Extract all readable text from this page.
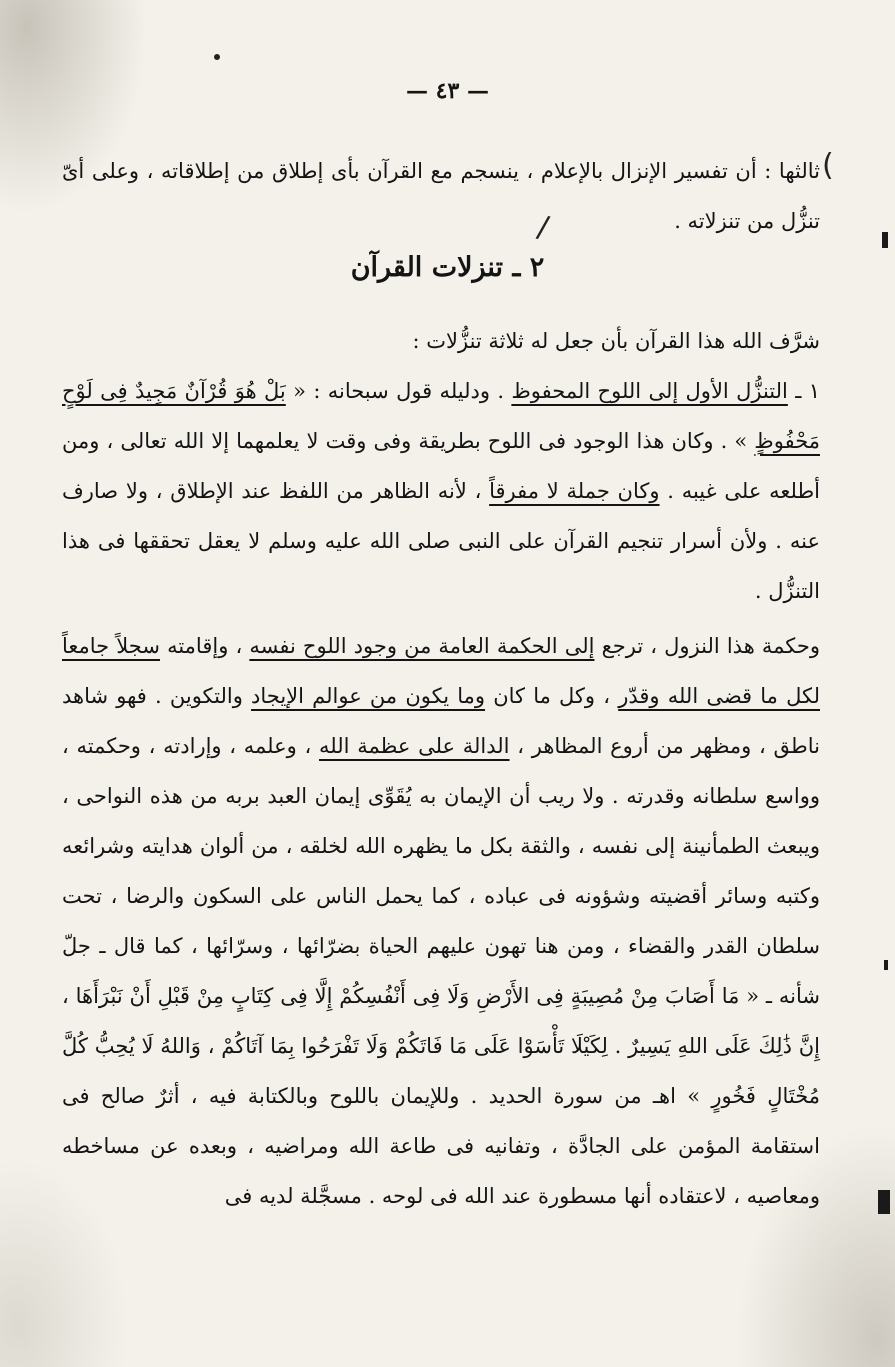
— ٤٣ —
(
/

ثالثها : أن تفسير الإنزال بالإعلام ، ينسجم مع القرآن بأى إطلاق من إطلاقاته ، وعلى أىّ تنزُّل من تنزلاته .

٢ ـ تنزلات القرآن

شرَّف الله هذا القرآن بأن جعل له ثلاثة تنزُّلات :

١ ـ التنزُّل الأول إلى اللوح المحفوظ . ودليله قول سبحانه : « بَلْ هُوَ قُرْآنٌ مَجِيدٌ فِى لَوْحٍ مَحْفُوظٍ » . وكان هذا الوجود فى اللوح بطريقة وفى وقت لا يعلمهما إلا الله تعالى ، ومن أطلعه على غيبه . وكان جملة لا مفرقاً ، لأنه الظاهر من اللفظ عند الإطلاق ، ولا صارف عنه . ولأن أسرار تنجيم القرآن على النبى صلى الله عليه وسلم لا يعقل تحققها فى هذا التنزُّل .

وحكمة هذا النزول ، ترجع إلى الحكمة العامة من وجود اللوح نفسه ، وإقامته سجلاً جامعاً لكل ما قضى الله وقدّر ، وكل ما كان وما يكون من عوالم الإيجاد والتكوين . فهو شاهد ناطق ، ومظهر من أروع المظاهر ، الدالة على عظمة الله ، وعلمه ، وإرادته ، وحكمته ، وواسع سلطانه وقدرته . ولا ريب أن الإيمان به يُقَوِّى إيمان العبد بربه من هذه النواحى ، ويبعث الطمأنينة إلى نفسه ، والثقة بكل ما يظهره الله لخلقه ، من ألوان هدايته وشرائعه وكتبه وسائر أقضيته وشؤونه فى عباده ، كما يحمل الناس على السكون والرضا ، تحت سلطان القدر والقضاء ، ومن هنا تهون عليهم الحياة بضرّائها ، وسرّائها ، كما قال ـ جلّ شأنه ـ « مَا أَصَابَ مِنْ مُصِيبَةٍ فِى الأَرْضِ وَلَا فِى أَنْفُسِكُمْ إِلَّا فِى كِتَابٍ مِنْ قَبْلِ أَنْ نَبْرَأَهَا ، إِنَّ ذَٰلِكَ عَلَى اللهِ يَسِيرٌ . لِكَيْلَا تَأْسَوْا عَلَى مَا فَاتَكُمْ وَلَا تَفْرَحُوا بِمَا آتَاكُمْ ، وَاللهُ لَا يُحِبُّ كُلَّ مُخْتَالٍ فَخُورٍ » اهـ من سورة الحديد . وللإيمان باللوح وبالكتابة فيه ، أثرٌ صالح فى استقامة المؤمن على الجادَّة ، وتفانيه فى طاعة الله ومراضيه ، وبعده عن مساخطه ومعاصيه ، لاعتقاده أنها مسطورة عند الله فى لوحه . مسجَّلة لديه فى
